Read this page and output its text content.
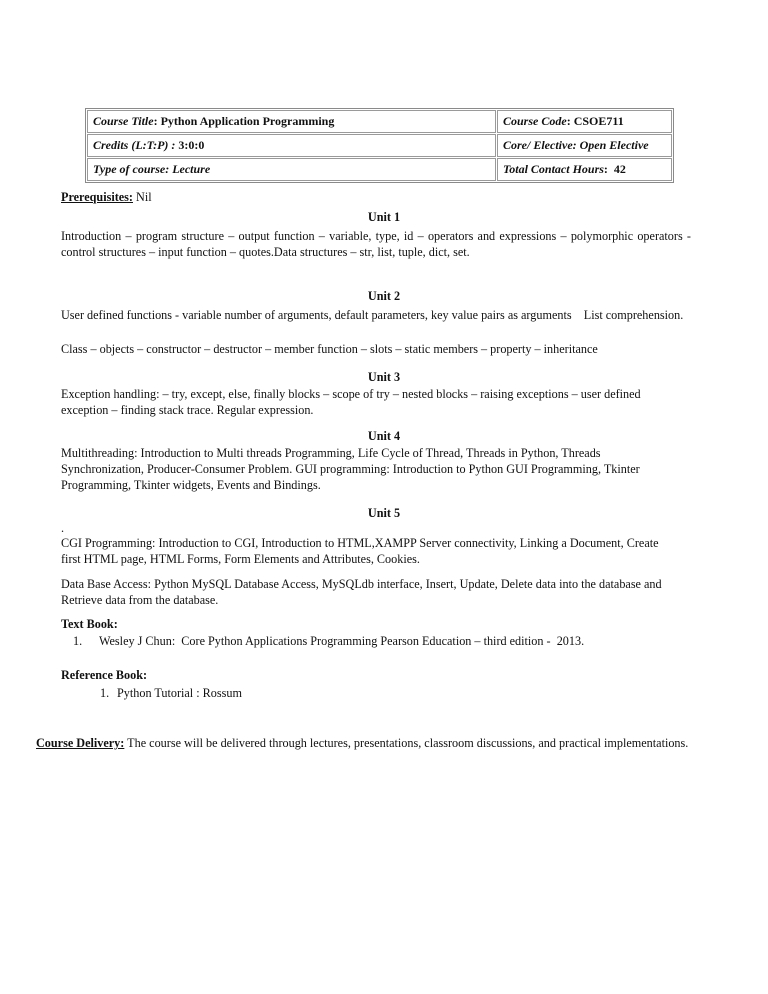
Course Title: Python Application Programming	Course Code: CSOE711
Credits (L:T:P) : 3:0:0	Core/ Elective: Open Elective
Type of course: Lecture	Total Contact Hours:  42
Prerequisites: Nil
Unit 1
Introduction – program structure – output function – variable, type, id – operators and expressions – polymorphic operators - control structures – input function – quotes.Data structures – str, list, tuple, dict, set.
Unit 2
User defined functions - variable number of arguments, default parameters, key value pairs as arguments    List comprehension.
Class – objects – constructor – destructor – member function – slots – static members – property – inheritance
Unit 3
Exception handling: – try, except, else, finally blocks – scope of try – nested blocks – raising exceptions – user defined exception – finding stack trace. Regular expression.
Unit 4
Multithreading: Introduction to Multi threads Programming, Life Cycle of Thread, Threads in Python, Threads Synchronization, Producer-Consumer Problem. GUI programming: Introduction to Python GUI Programming, Tkinter Programming, Tkinter widgets, Events and Bindings.
Unit 5
.
CGI Programming: Introduction to CGI, Introduction to HTML,XAMPP Server connectivity, Linking a Document, Create first HTML page, HTML Forms, Form Elements and Attributes, Cookies.
Data Base Access: Python MySQL Database Access, MySQLdb interface, Insert, Update, Delete data into the database and Retrieve data from the database.
Text Book:
1. Wesley J Chun:  Core Python Applications Programming Pearson Education – third edition -  2013.
Reference Book:
1. Python Tutorial : Rossum
Course Delivery: The course will be delivered through lectures, presentations, classroom discussions, and practical implementations.
